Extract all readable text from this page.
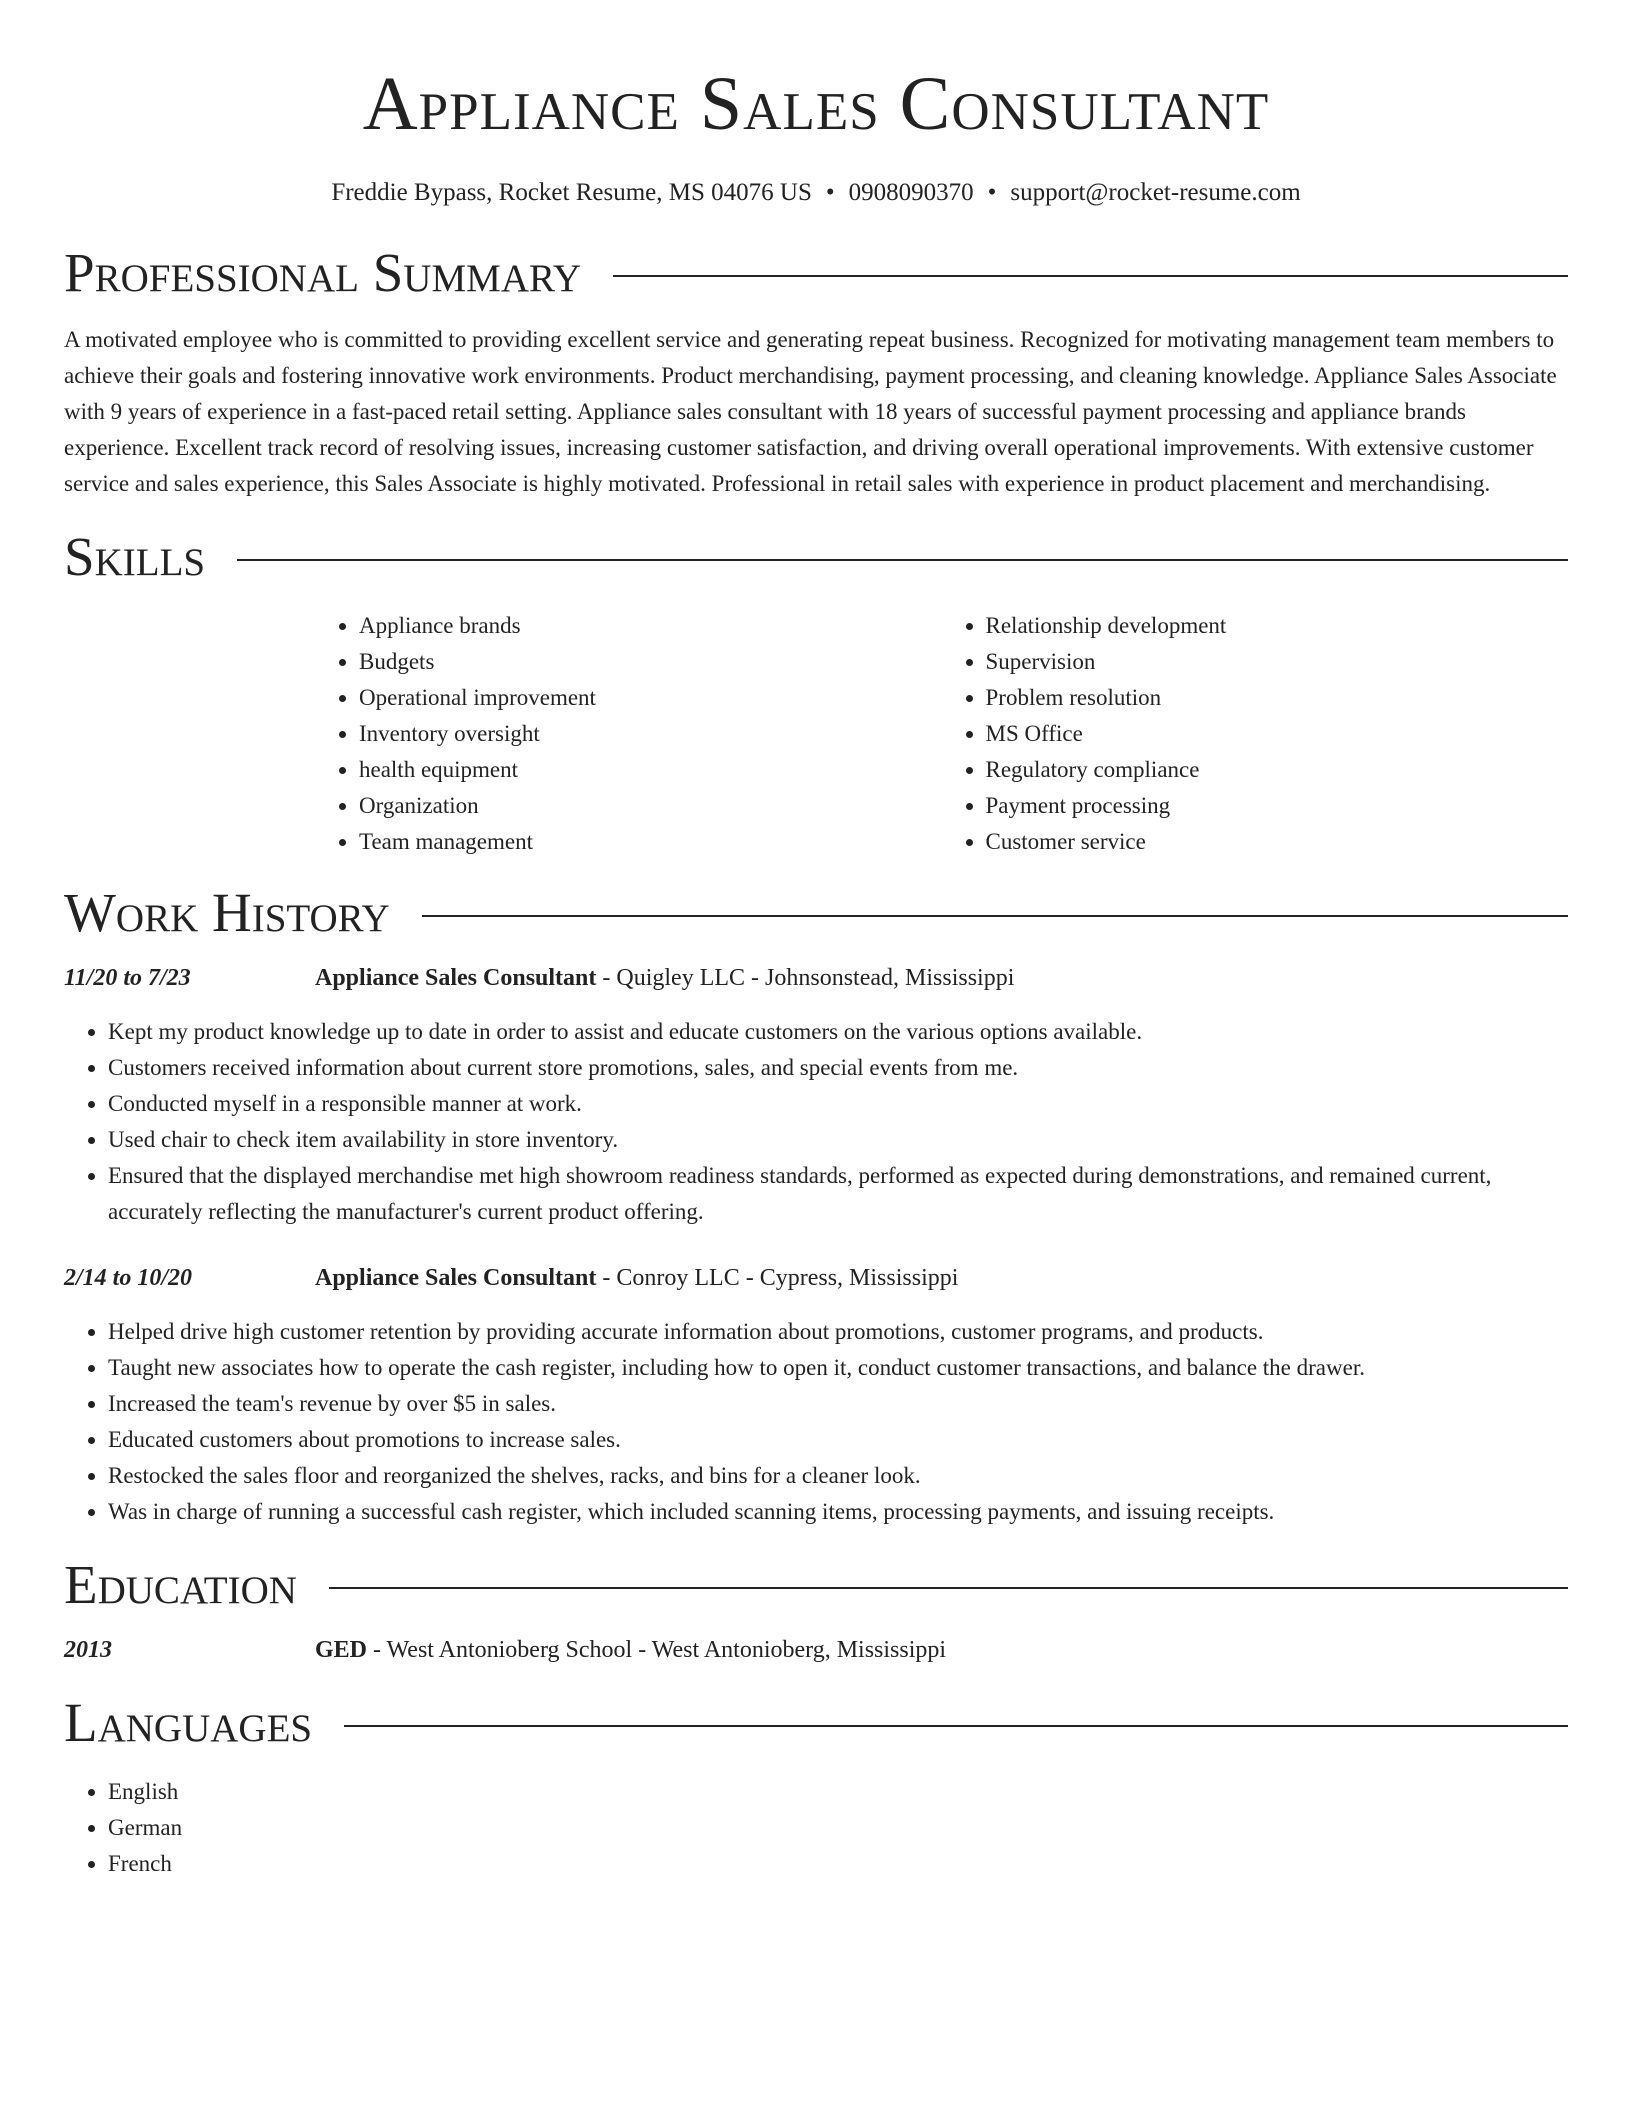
Appliance Sales Consultant
Freddie Bypass, Rocket Resume, MS 04076 US • 0908090370 • support@rocket-resume.com
Professional Summary

A motivated employee who is committed to providing excellent service and generating repeat business. Recognized for motivating management team members to achieve their goals and fostering innovative work environments. Product merchandising, payment processing, and cleaning knowledge. Appliance Sales Associate with 9 years of experience in a fast-paced retail setting. Appliance sales consultant with 18 years of successful payment processing and appliance brands experience. Excellent track record of resolving issues, increasing customer satisfaction, and driving overall operational improvements. With extensive customer service and sales experience, this Sales Associate is highly motivated. Professional in retail sales with experience in product placement and merchandising.

Skills
• Appliance brands
• Budgets
• Operational improvement
• Inventory oversight
• health equipment
• Organization
• Team management
• Relationship development
• Supervision
• Problem resolution
• MS Office
• Regulatory compliance
• Payment processing
• Customer service
Work History
11/20 to 7/23	Appliance Sales Consultant - Quigley LLC - Johnsonstead, Mississippi
• Kept my product knowledge up to date in order to assist and educate customers on the various options available.
• Customers received information about current store promotions, sales, and special events from me.
• Conducted myself in a responsible manner at work.
• Used chair to check item availability in store inventory.
• Ensured that the displayed merchandise met high showroom readiness standards, performed as expected during demonstrations, and remained current, accurately reflecting the manufacturer's current product offering.
2/14 to 10/20	Appliance Sales Consultant - Conroy LLC - Cypress, Mississippi
• Helped drive high customer retention by providing accurate information about promotions, customer programs, and products.
• Taught new associates how to operate the cash register, including how to open it, conduct customer transactions, and balance the drawer.
• Increased the team's revenue by over $5 in sales.
• Educated customers about promotions to increase sales.
• Restocked the sales floor and reorganized the shelves, racks, and bins for a cleaner look.
• Was in charge of running a successful cash register, which included scanning items, processing payments, and issuing receipts.
Education
2013	GED - West Antonioberg School - West Antonioberg, Mississippi
Languages
• English
• German
• French
